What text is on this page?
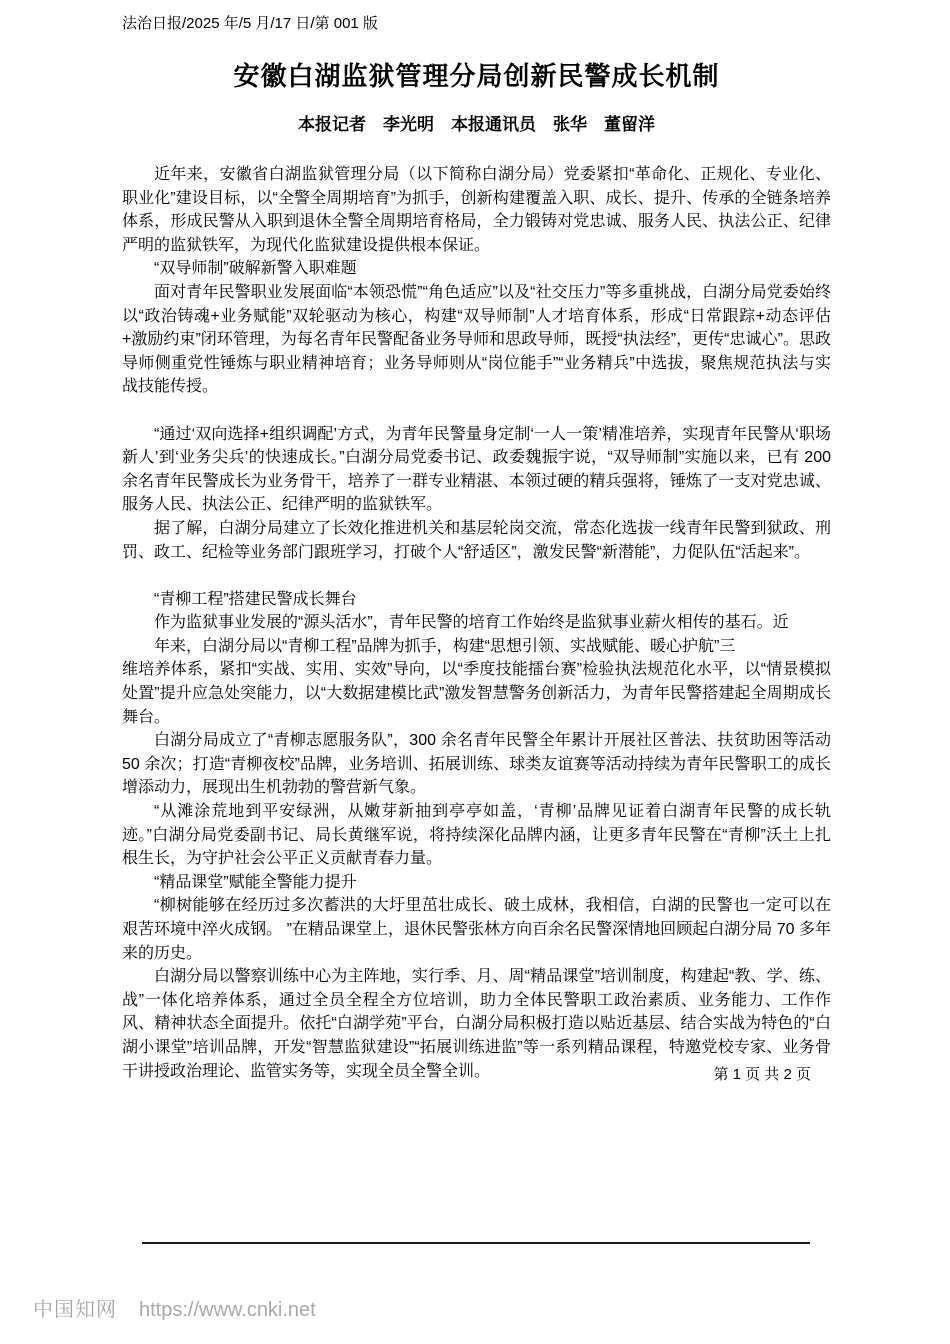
法治日报/2025 年/5 月/17 日/第 001 版
安徽白湖监狱管理分局创新民警成长机制
本报记者　李光明　本报通讯员　张华　董留洋

近年来，安徽省白湖监狱管理分局（以下简称白湖分局）党委紧扣“革命化、正规化、专业化、职业化”建设目标，以“全警全周期培育”为抓手，创新构建覆盖入职、成长、提升、传承的全链条培养体系，形成民警从入职到退休全警全周期培育格局，全力锻铸对党忠诚、服务人民、执法公正、纪律严明的监狱铁军，为现代化监狱建设提供根本保证。

“双导师制”破解新警入职难题

面对青年民警职业发展面临“本领恐慌”“角色适应”以及“社交压力”等多重挑战，白湖分局党委始终以“政治铸魂+业务赋能”双轮驱动为核心，构建“双导师制”人才培育体系，形成“日常跟踪+动态评估+激励约束”闭环管理，为每名青年民警配备业务导师和思政导师，既授“执法经”，更传“忠诚心”。思政导师侧重党性锤炼与职业精神培育；业务导师则从“岗位能手”“业务精兵”中选拔，聚焦规范执法与实战技能传授。

“通过‘双向选择+组织调配’方式，为青年民警量身定制‘一人一策’精准培养，实现青年民警从‘职场新人’到‘业务尖兵’的快速成长。”白湖分局党委书记、政委魏振宇说，“双导师制”实施以来，已有 200 余名青年民警成长为业务骨干，培养了一群专业精湛、本领过硬的精兵强将，锤炼了一支对党忠诚、服务人民、执法公正、纪律严明的监狱铁军。

据了解，白湖分局建立了长效化推进机关和基层轮岗交流，常态化选拔一线青年民警到狱政、刑罚、政工、纪检等业务部门跟班学习，打破个人“舒适区”，激发民警“新潜能”，力促队伍“活起来”。

“青柳工程”搭建民警成长舞台

作为监狱事业发展的“源头活水”，青年民警的培育工作始终是监狱事业薪火相传的基石。近

年来，白湖分局以“青柳工程”品牌为抓手，构建“思想引领、实战赋能、暖心护航”三

维培养体系，紧扣“实战、实用、实效”导向，以“季度技能擂台赛”检验执法规范化水平，以“情景模拟处置”提升应急处突能力，以“大数据建模比武”激发智慧警务创新活力，为青年民警搭建起全周期成长舞台。

白湖分局成立了“青柳志愿服务队”，300 余名青年民警全年累计开展社区普法、扶贫助困等活动 50 余次；打造“青柳夜校”品牌，业务培训、拓展训练、球类友谊赛等活动持续为青年民警职工的成长增添动力，展现出生机勃勃的警营新气象。

“从滩涂荒地到平安绿洲，从嫩芽新抽到亭亭如盖，‘青柳’品牌见证着白湖青年民警的成长轨迹。”白湖分局党委副书记、局长黄继军说，将持续深化品牌内涵，让更多青年民警在“青柳”沃土上扎根生长，为守护社会公平正义贡献青春力量。

“精品课堂”赋能全警能力提升

“柳树能够在经历过多次蓄洪的大圩里茁壮成长、破土成林，我相信，白湖的民警也一定可以在艰苦环境中淬火成钢。 ”在精品课堂上，退休民警张林方向百余名民警深情地回顾起白湖分局 70 多年来的历史。

白湖分局以警察训练中心为主阵地，实行季、月、周“精品课堂”培训制度，构建起“教、学、练、战”一体化培养体系，通过全员全程全方位培训，助力全体民警职工政治素质、业务能力、工作作风、精神状态全面提升。依托“白湖学苑”平台，白湖分局积极打造以贴近基层、结合实战为特色的“白湖小课堂”培训品牌，开发“智慧监狱建设”“拓展训练进监”等一系列精品课程，特邀党校专家、业务骨干讲授政治理论、监管实务等，实现全员全警全训。	第 1 页 共 2 页
中国知网 https://www.cnki.net
